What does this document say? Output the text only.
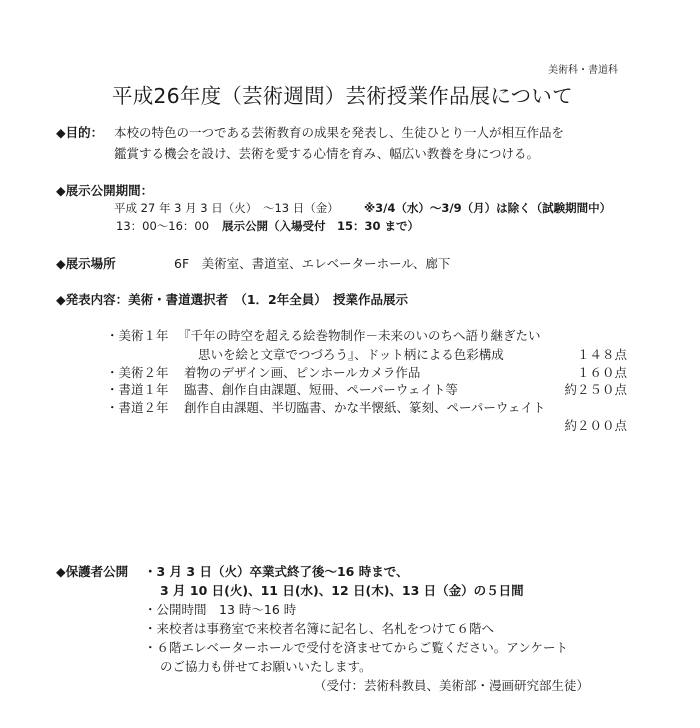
美術科・書道科
平成26年度（芸術週間）芸術授業作品展について
◆目的： 本校の特色の一つである芸術教育の成果を発表し、生徒ひとり一人が相互作品を
鑑賞する機会を設け、芸術を愛する心情を育み、幅広い教養を身につける。
◆展示公開期間：
平成 27 年 3 月 3 日（火）　～13 日（金） ※3/4（水）～3/9（月）は除く（試験期間中）
13：00～16：00 展示公開（入場受付　15：30 まで）
◆展示場所	6F　美術室、書道室、エレベーターホール、廊下
◆発表内容：美術・書道選択者　（1．2年全員）　授業作品展示
・美術１年 『千年の時空を超える絵巻物制作－未来のいのちへ語り継ぎたい
思いを絵と文章でつづろう』、ドット柄による色彩構成	１４８点
・美術２年 着物のデザイン画、ピンホールカメラ作品	１６０点
・書道１年 臨書、創作自由課題、短冊、ペーパーウェイト等	約２５０点
・書道２年 創作自由課題、半切臨書、かな半懐紙、篆刻、ペーパーウェイト
約２００点
◆保護者公開 ・3 月 3 日（火）卒業式終了後～16 時まで、
3 月 10 日(火)、11 日(水)、12 日(木)、13 日（金）の５日間
・公開時間　13 時～16 時
・来校者は事務室で来校者名簿に記名し、名札をつけて６階へ
・６階エレベーターホールで受付を済ませてからご覧ください。アンケート
のご協力も併せてお願いいたします。
（受付：芸術科教員、美術部・漫画研究部生徒）
